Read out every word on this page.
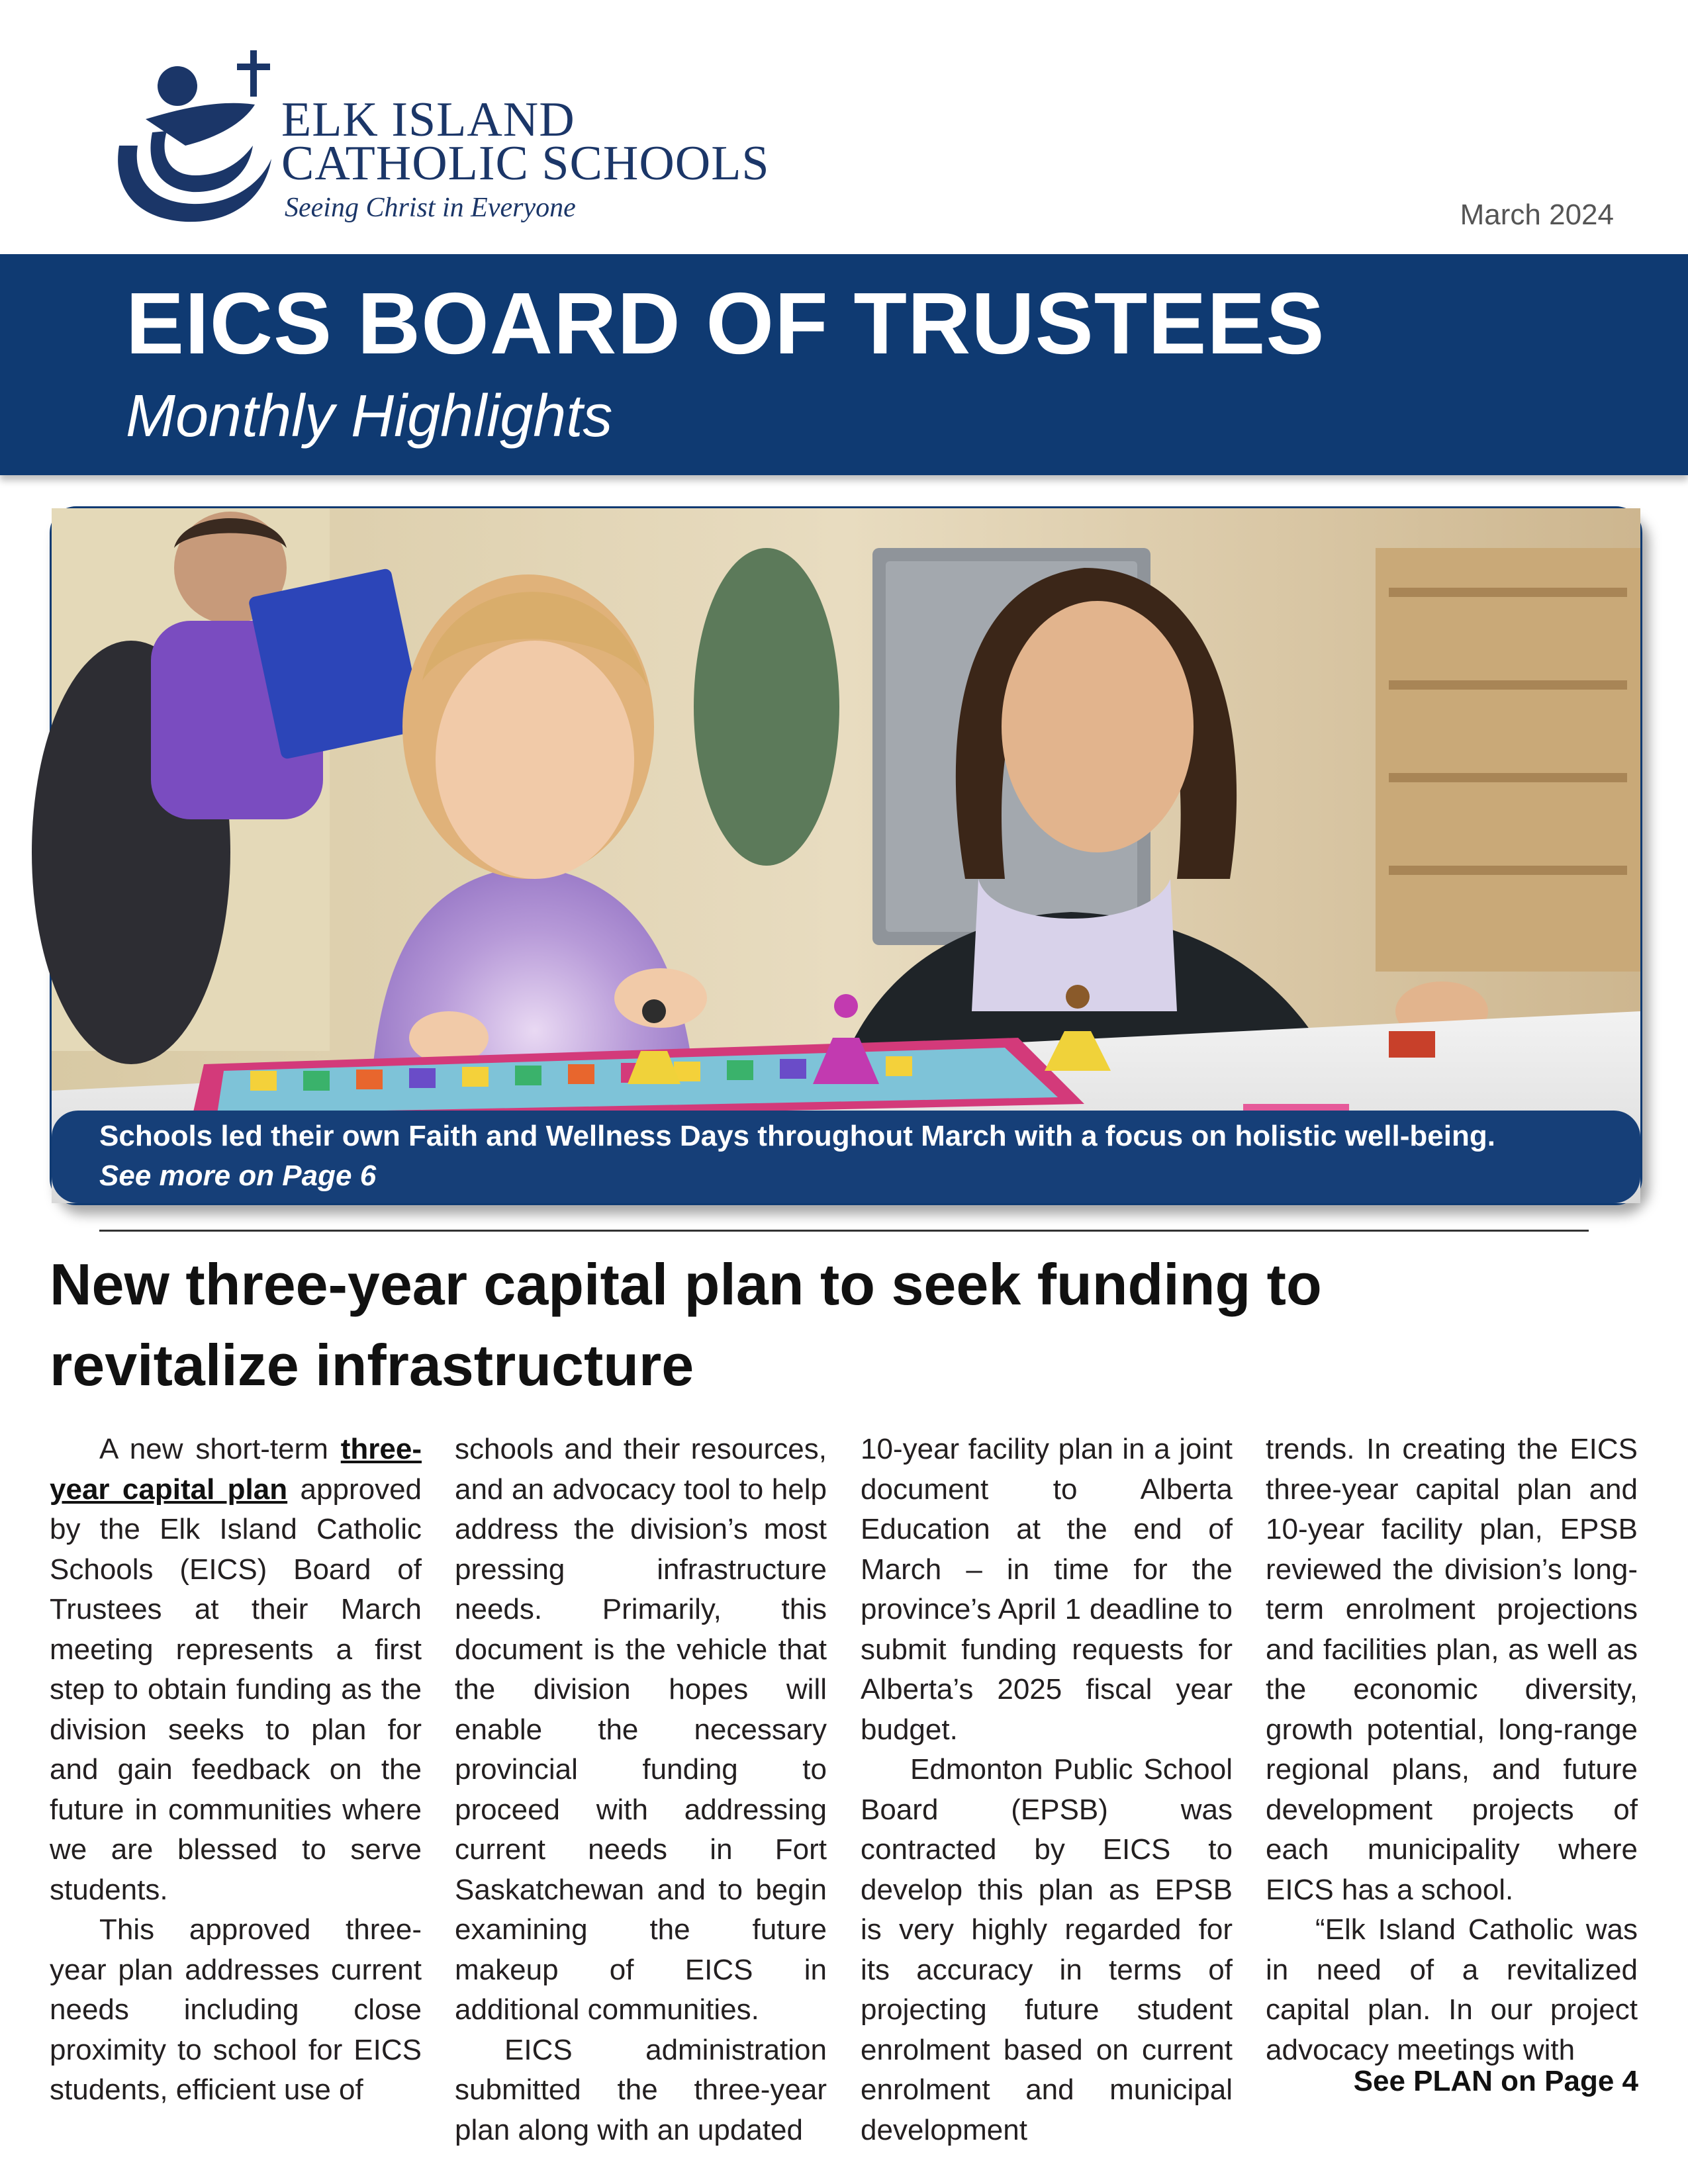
ELK ISLAND
CATHOLIC SCHOOLS
Seeing Christ in Everyone	March 2024
EICS BOARD OF TRUSTEES
Monthly Highlights
Schools led their own Faith and Wellness Days throughout March with a focus on holistic well-being.
See more on Page 6
New three-year capital plan to seek funding to
revitalize infrastructure

A new short-term three-year capital plan approved by the Elk Island Catholic Schools (EICS) Board of Trustees at their March meeting represents a first step to obtain funding as the division seeks to plan for and gain feedback on the future in communities where we are blessed to serve students.

This approved three-year plan addresses current needs including close proximity to school for EICS students, efficient use of

schools and their resources, and an advocacy tool to help address the division’s most pressing infrastructure needs. Primarily, this document is the vehicle that the division hopes will enable the necessary provincial funding to proceed with addressing current needs in Fort Saskatchewan and to begin examining the future makeup of EICS in additional communities.

EICS administration submitted the three-year plan along with an updated

10-year facility plan in a joint document to Alberta Education at the end of March – in time for the province’s April 1 deadline to submit funding requests for Alberta’s 2025 fiscal year budget.

Edmonton Public School Board (EPSB) was contracted by EICS to develop this plan as EPSB is very highly regarded for its accuracy in terms of projecting future student enrolment based on current enrolment and municipal development

trends. In creating the EICS three-year capital plan and 10-year facility plan, EPSB reviewed the division’s long-term enrolment projections and facilities plan, as well as the economic diversity, growth potential, long-range regional plans, and future development projects of each municipality where EICS has a school.

“Elk Island Catholic was in need of a revitalized capital plan. In our project advocacy meetings with

See PLAN on Page 4
